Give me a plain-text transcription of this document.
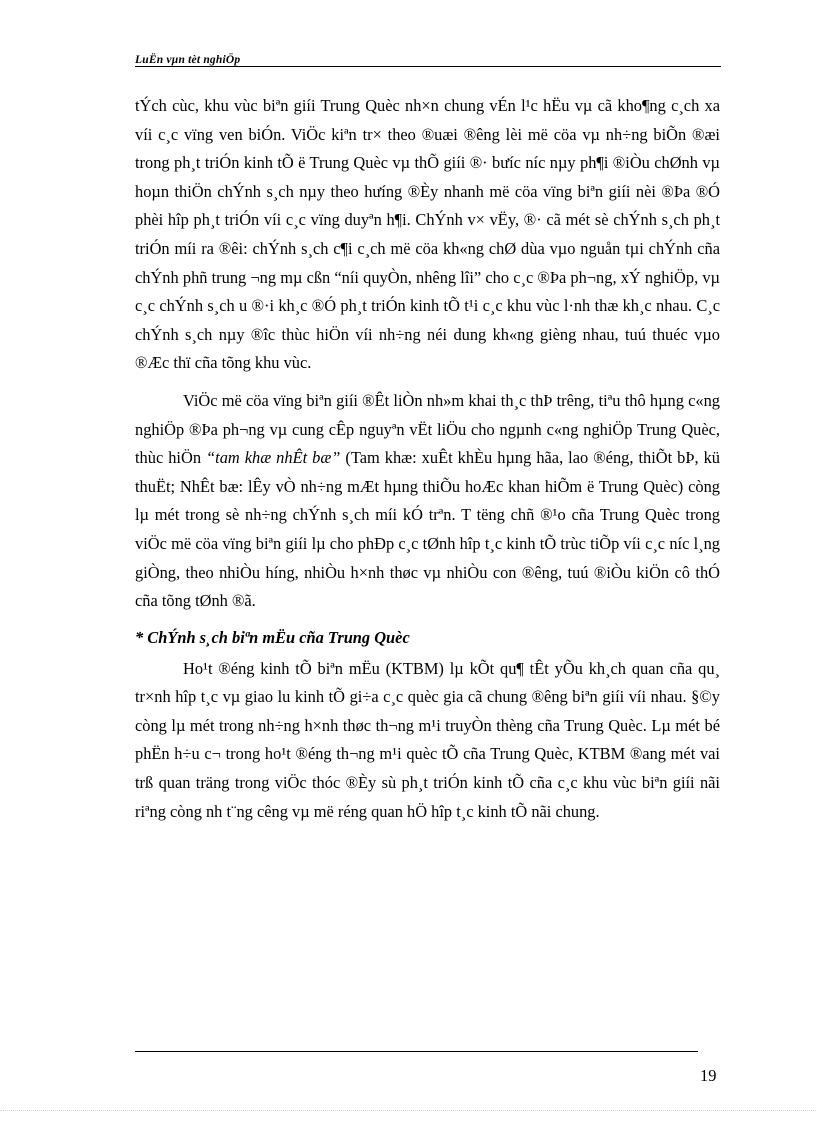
LuËn vµn tèt nghiÖp

tÝch cùc, khu vùc biªn giíi Trung Quèc nh×n chung vÉn l¹c hËu vµ cã kho¶ng c¸ch xa víi c¸c vïng ven biÓn. ViÖc kiªn tr× theo ®uæi ®êng lèi më cöa vµ nh÷ng biÕn ®æi trong ph¸t triÓn kinh tÕ ë Trung Quèc vµ thÕ giíi ®· bưíc níc nµy ph¶i ®iÒu chØnh vµ hoµn thiÖn chÝnh s¸ch nµy theo hưíng ®Èy nhanh më cöa vïng biªn giíi nèi ®Þa ®Ó phèi hîp ph¸t triÓn víi c¸c vïng duyªn h¶i. ChÝnh v× vËy, ®· cã mét sè chÝnh s¸ch ph¸t triÓn míi ra ®êi: chÝnh s¸ch c¶i c¸ch më cöa kh«ng chØ dùa vµo nguån tµi chÝnh cña chÝnh phñ trung ¬ng mµ cßn “níi quyÒn, nhêng lîi” cho c¸c ®Þa ph¬ng, xÝ nghiÖp, vµ c¸c chÝnh s¸ch u ®·i kh¸c ®Ó ph¸t triÓn kinh tÕ t¹i c¸c khu vùc l·nh thæ kh¸c nhau. C¸c chÝnh s¸ch nµy ®îc thùc hiÖn víi nh÷ng néi dung kh«ng gièng nhau, tuú thuéc vµo ®Æc thï cña tõng khu vùc.

ViÖc më cöa vïng biªn giíi ®Êt liÒn nh»m khai th¸c thÞ trêng, tiªu thô hµng c«ng nghiÖp ®Þa ph¬ng vµ cung cÊp nguyªn vËt liÖu cho ngµnh c«ng nghiÖp Trung Quèc, thùc hiÖn “tam khæ nhÊt bæ” (Tam khæ: xuÊt khÈu hµng hãa, lao ®éng, thiÕt bÞ, kü thuËt; NhÊt bæ: lÊy vÒ nh÷ng mÆt hµng thiÕu hoÆc khan hiÕm ë Trung Quèc) còng lµ mét trong sè nh÷ng chÝnh s¸ch míi kÓ trªn. T tëng chñ ®¹o cña Trung Quèc trong viÖc më cöa vïng biªn giíi lµ cho phÐp c¸c tØnh hîp t¸c kinh tÕ trùc tiÕp víi c¸c níc l¸ng giÒng, theo nhiÒu híng, nhiÒu h×nh thøc vµ nhiÒu con ®êng, tuú ®iÒu kiÖn cô thÓ cña tõng tØnh ®ã.

* ChÝnh s¸ch biªn mËu cña Trung Quèc

Ho¹t ®éng kinh tÕ biªn mËu (KTBM) lµ kÕt qu¶ tÊt yÕu kh¸ch quan cña qu¸ tr×nh hîp t¸c vµ giao lu kinh tÕ gi÷a c¸c quèc gia cã chung ®êng biªn giíi víi nhau. §©y còng lµ mét trong nh÷ng h×nh thøc th¬ng m¹i truyÒn thèng cña Trung Quèc. Lµ mét bé phËn h÷u c¬ trong ho¹t ®éng th¬ng m¹i quèc tÕ cña Trung Quèc, KTBM ®ang mét vai trß quan träng trong viÖc thóc ®Èy sù ph¸t triÓn kinh tÕ cña c¸c khu vùc biªn giíi nãi riªng còng nh t¨ng cêng vµ më réng quan hÖ hîp t¸c kinh tÕ nãi chung.

19
